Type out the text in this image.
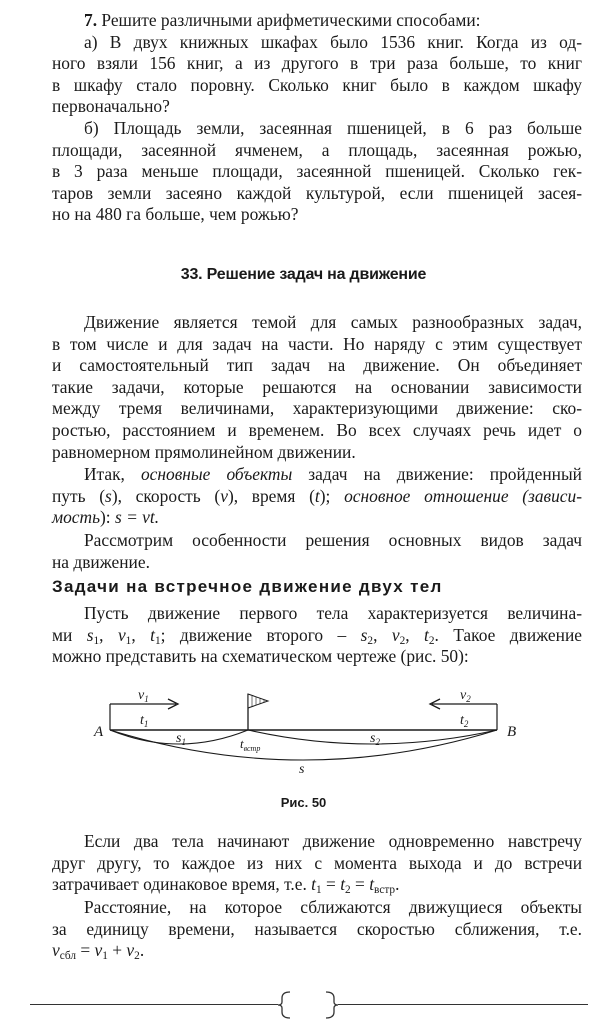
7. Решите различными арифметическими способами:
а) В двух книжных шкафах было 1536 книг. Когда из од-
ного взяли 156 книг, а из другого в три раза больше, то книг
в шкафу стало поровну. Сколько книг было в каждом шкафу
первоначально?
б) Площадь земли, засеянная пшеницей, в 6 раз больше
площади, засеянной ячменем, а площадь, засеянная рожью,
в 3 раза меньше площади, засеянной пшеницей. Сколько гек-
таров земли засеяно каждой культурой, если пшеницей засея-
но на 480 га больше, чем рожью?
33. Решение задач на движение
Движение является темой для самых разнообразных задач,
в том числе и для задач на части. Но наряду с этим существует
и самостоятельный тип задач на движение. Он объединяет
такие задачи, которые решаются на основании зависимости
между тремя величинами, характеризующими движение: ско-
ростью, расстоянием и временем. Во всех случаях речь идет о
равномерном прямолинейном движении.
Итак, основные объекты задач на движение: пройденный
путь (s), скорость (v), время (t); основное отношение (зависи-
мость): s = vt.
Рассмотрим особенности решения основных видов задач
на движение.
Задачи на встречное движение двух тел
Пусть движение первого тела характеризуется величина-
ми $s_1$, $v_1$, $t_1$; движение второго – $s_2$, $v_2$, $t_2$. Такое движение
можно представить на схематическом чертеже (рис. 50):
A	B
$v_1$
$t_1$
$v_2$
$t_2$
$s_1$	$s_2$
$t_{встр}$
s

Рис. 50

Если два тела начинают движение одновременно навстречу
друг другу, то каждое из них с момента выхода и до встречи
затрачивает одинаковое время, т.е. $t_1 = t_2 = t_{встр}$.
Расстояние, на которое сближаются движущиеся объекты
за единицу времени, называется скоростью сближения, т.е.
$v_{сбл} = v_1 + v_2$.
